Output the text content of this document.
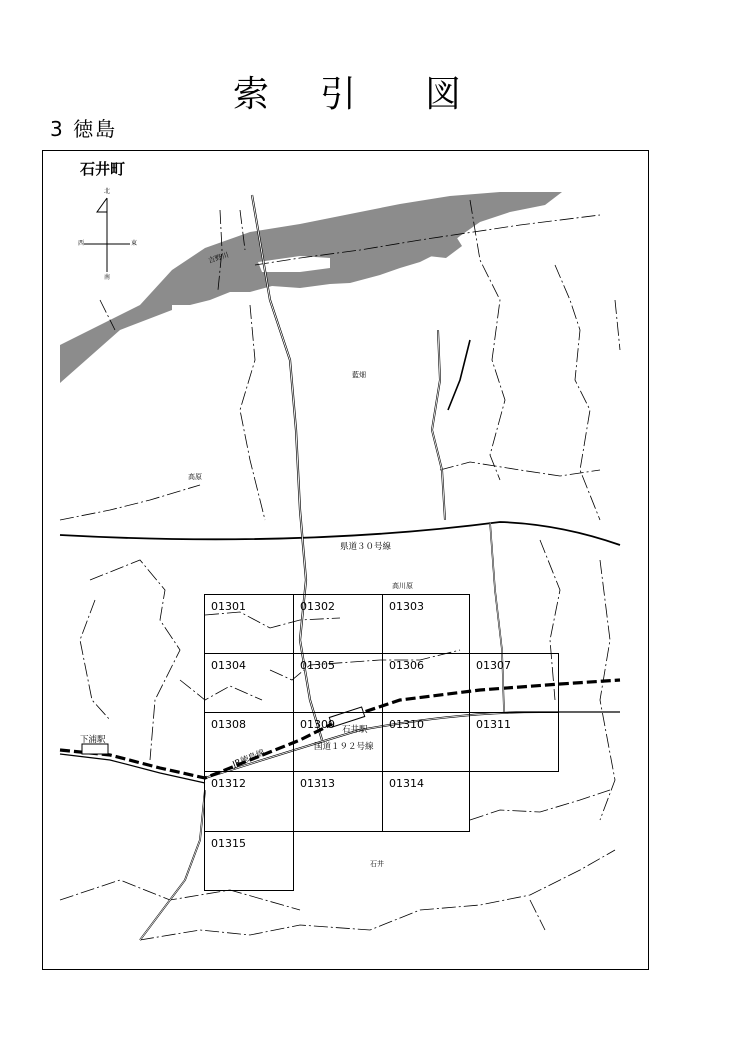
索 引 図
3 徳島
石井町
北
南
東
西
吉野川
藍畑
高原
高川原
石井
県道３０号線
国道１９２号線
JR徳島線
下浦駅
石井駅
01301	01302	01303
01304	01305	01306	01307
01308	01309	01310	01311
01312	01313	01314
01315
